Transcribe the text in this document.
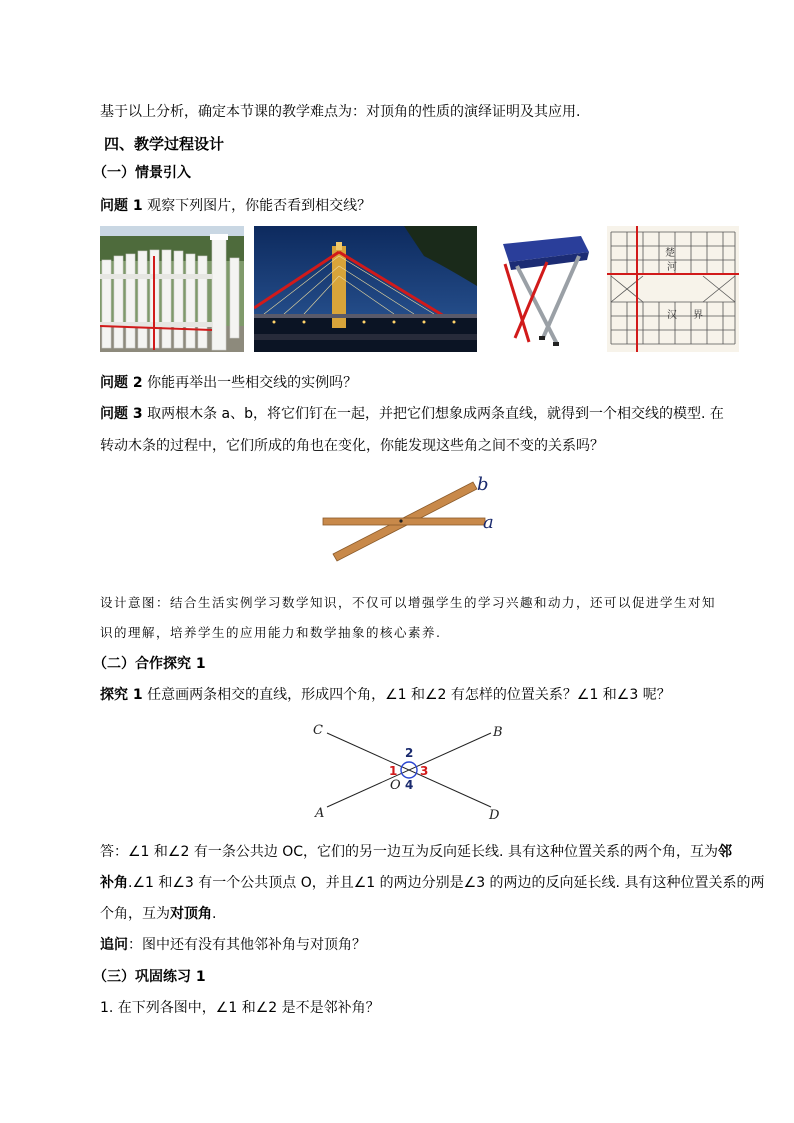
基于以上分析，确定本节课的教学难点为：对顶角的性质的演绎证明及其应用.
四、教学过程设计
（一）情景引入
问题 1 观察下列图片，你能否看到相交线？
楚
河
汉 界
问题 2 你能再举出一些相交线的实例吗？
问题 3 取两根木条 a、b，将它们钉在一起，并把它们想象成两条直线，就得到一个相交线的模型. 在
转动木条的过程中，它们所成的角也在变化，你能发现这些角之间不变的关系吗？
b
a
设计意图：结合生活实例学习数学知识，不仅可以增强学生的学习兴趣和动力，还可以促进学生对知
识的理解，培养学生的应用能力和数学抽象的核心素养.
（二）合作探究 1
探究 1 任意画两条相交的直线，形成四个角，∠1 和∠2 有怎样的位置关系？∠1 和∠3 呢？
C	B
A	D
O
2
1 3
4
答：∠1 和∠2 有一条公共边 OC，它们的另一边互为反向延长线. 具有这种位置关系的两个角，互为邻
补角.∠1 和∠3 有一个公共顶点 O，并且∠1 的两边分别是∠3 的两边的反向延长线. 具有这种位置关系的两
个角，互为对顶角.
追问：图中还有没有其他邻补角与对顶角？
（三）巩固练习 1
1. 在下列各图中，∠1 和∠2 是不是邻补角？
